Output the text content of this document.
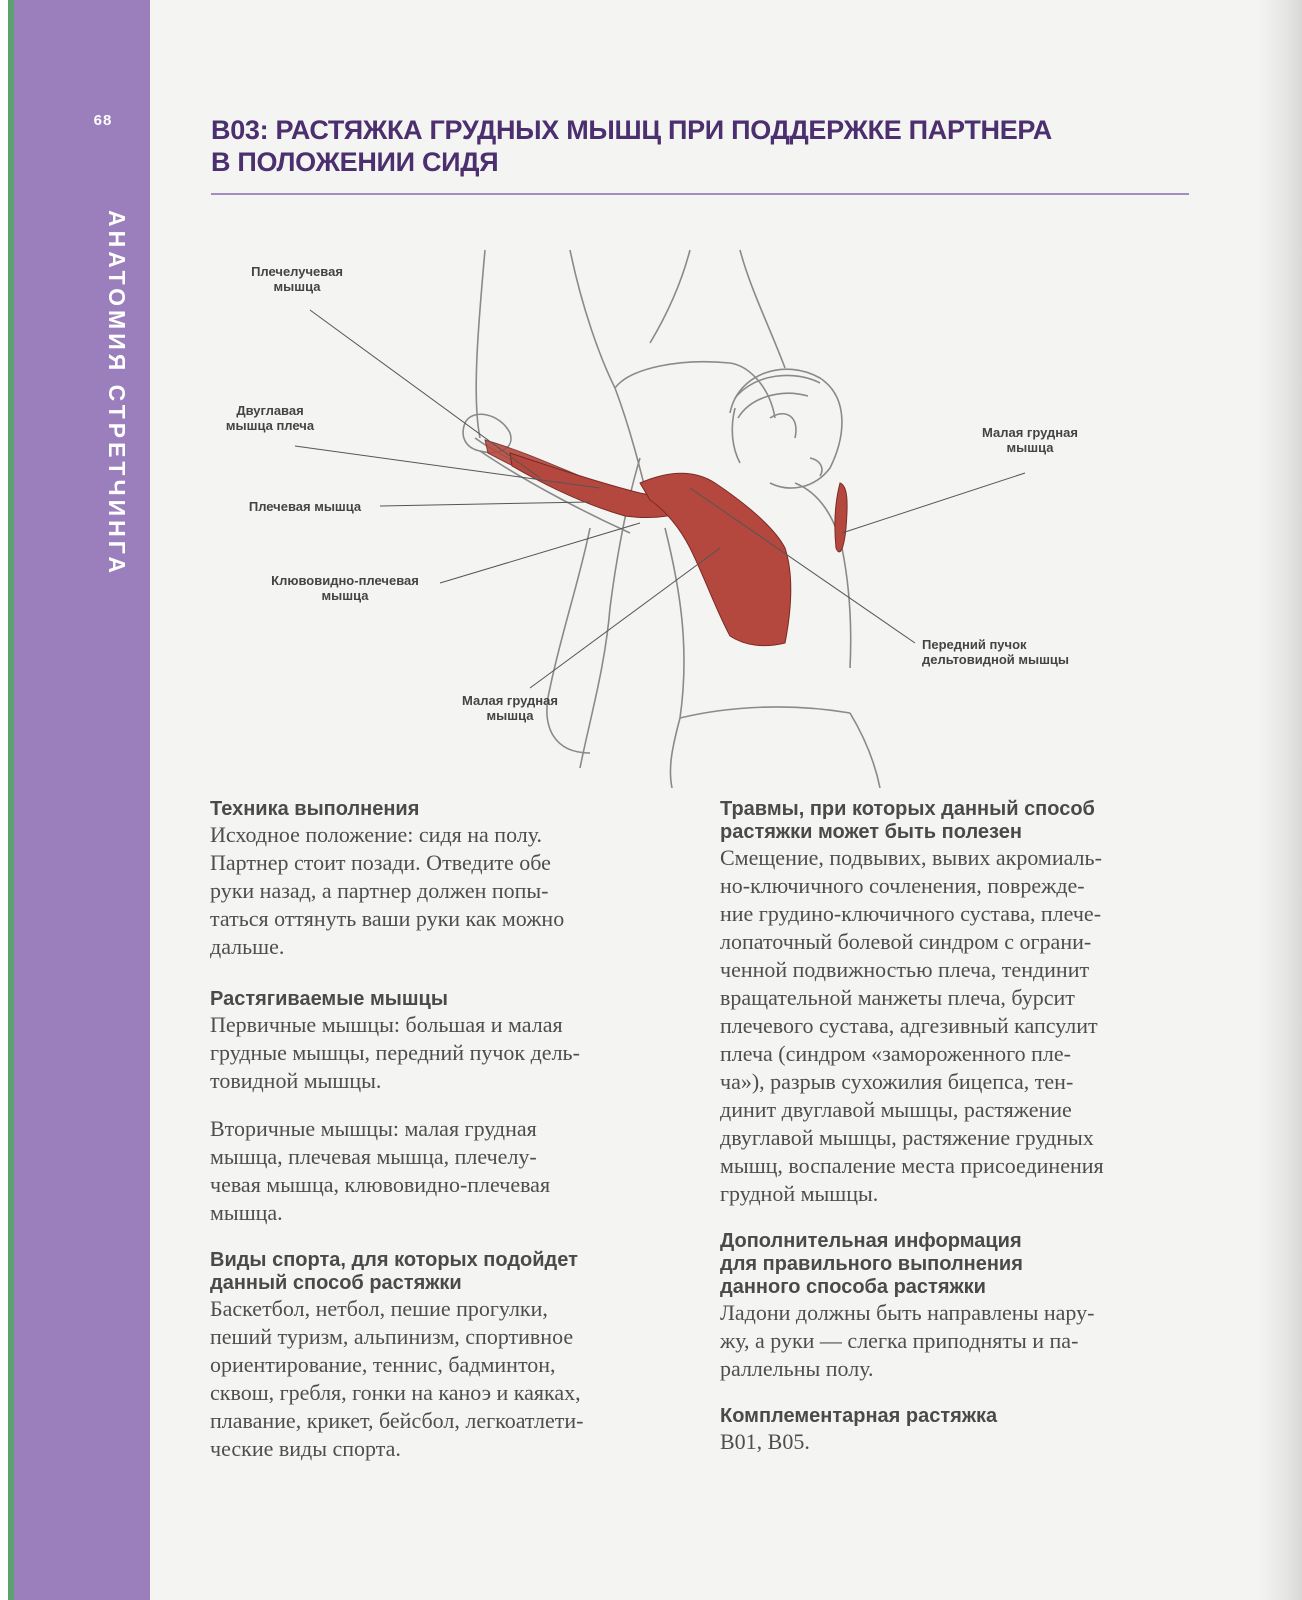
68
АНАТОМИЯ СТРЕТЧИНГА
В03: РАСТЯЖКА ГРУДНЫХ МЫШЦ ПРИ ПОДДЕРЖКЕ ПАРТНЕРА
В ПОЛОЖЕНИИ СИДЯ
Плечелучевая
мышца
Двуглавая
мышца плеча
Плечевая мышца
Клювовидно-плечевая
мышца
Малая грудная
мышца
Малая грудная
мышца
Передний пучок
дельтовидной мышцы
Техника выполнения
Исходное положение: сидя на полу.
Партнер стоит позади. Отведите обе
руки назад, а партнер должен попы-
таться оттянуть ваши руки как можно
дальше.
Растягиваемые мышцы
Первичные мышцы: большая и малая
грудные мышцы, передний пучок дель-
товидной мышцы.
Вторичные мышцы: малая грудная
мышца, плечевая мышца, плечелу-
чевая мышца, клювовидно-плечевая
мышца.
Виды спорта, для которых подойдет
данный способ растяжки
Баскетбол, нетбол, пешие прогулки,
пеший туризм, альпинизм, спортивное
ориентирование, теннис, бадминтон,
сквош, гребля, гонки на каноэ и каяках,
плавание, крикет, бейсбол, легкоатлети-
ческие виды спорта.
Травмы, при которых данный способ
растяжки может быть полезен
Смещение, подвывих, вывих акромиаль-
но-ключичного сочленения, поврежде-
ние грудино-ключичного сустава, плече-
лопаточный болевой синдром с ограни-
ченной подвижностью плеча, тендинит
вращательной манжеты плеча, бурсит
плечевого сустава, адгезивный капсулит
плеча (синдром «замороженного пле-
ча»), разрыв сухожилия бицепса, тен-
динит двуглавой мышцы, растяжение
двуглавой мышцы, растяжение грудных
мышц, воспаление места присоединения
грудной мышцы.
Дополнительная информация
для правильного выполнения
данного способа растяжки
Ладони должны быть направлены нару-
жу, а руки — слегка приподняты и па-
раллельны полу.
Комплементарная растяжка
В01, В05.
